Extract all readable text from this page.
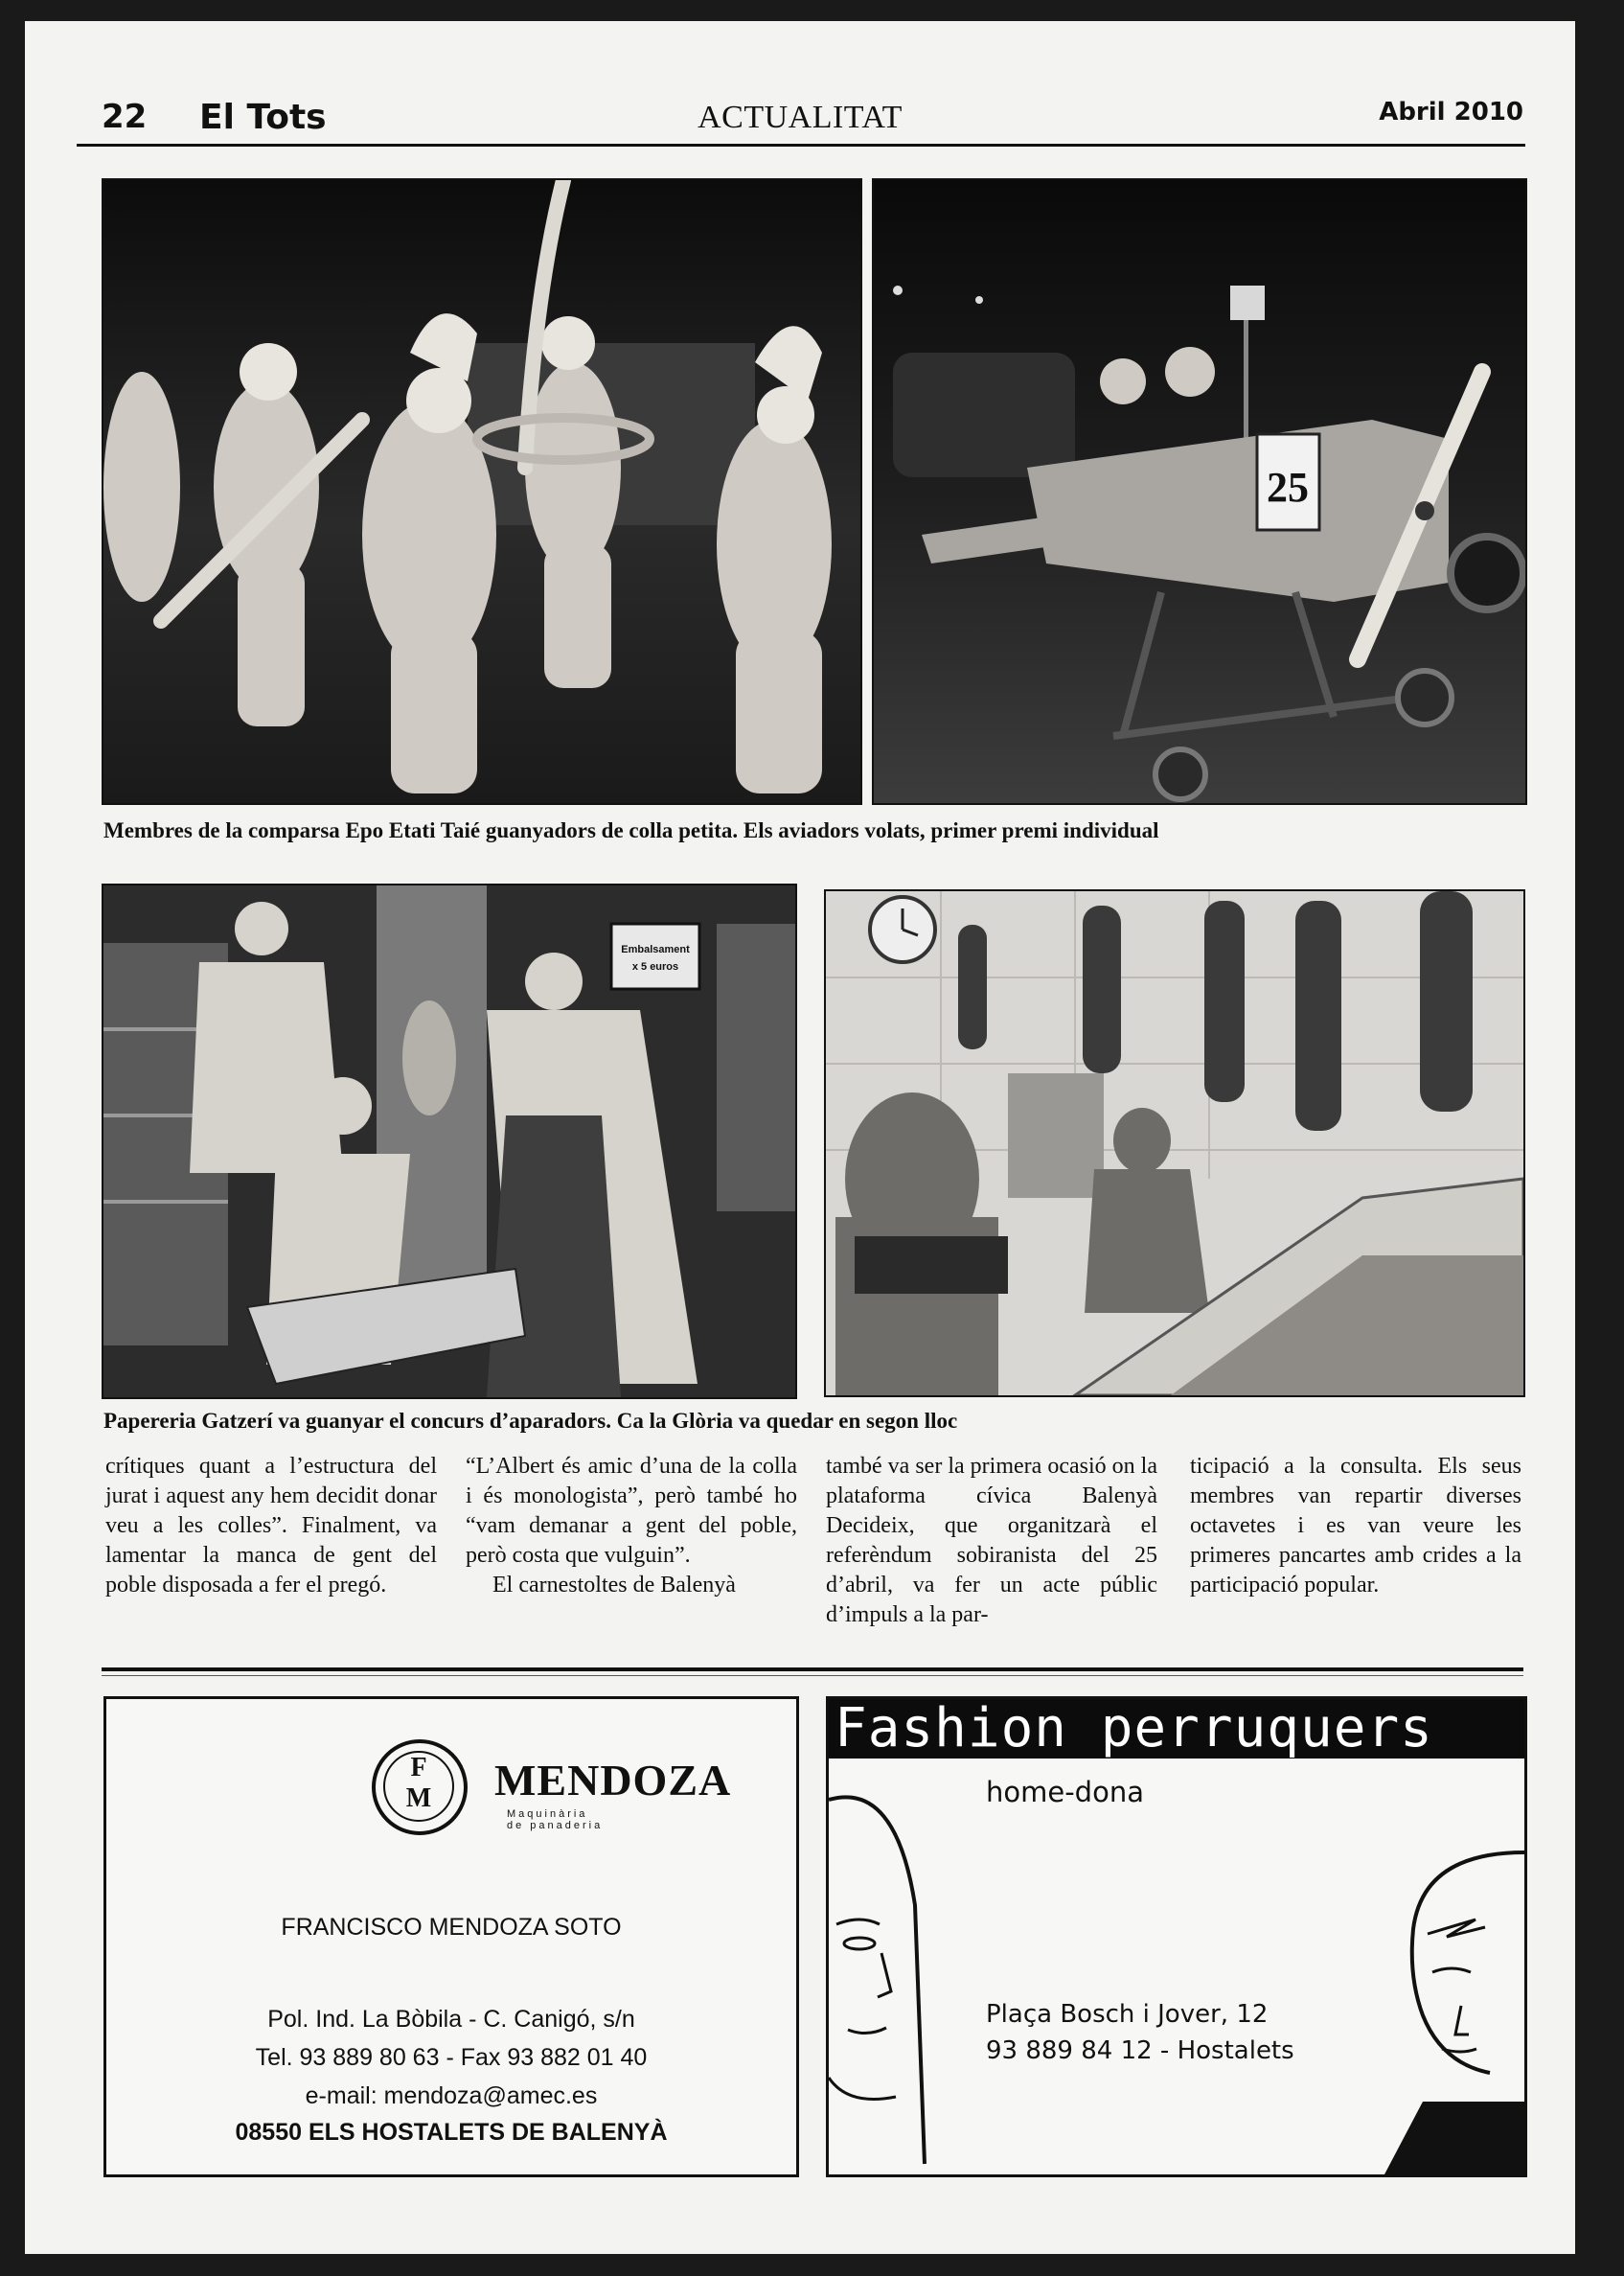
22 El Tots	ACTUALITAT	Abril 2010
25
Membres de la comparsa Epo Etati Taié guanyadors de colla petita. Els aviadors volats, primer premi individual
Embalsament
x 5 euros
Papereria Gatzerí va guanyar el concurs d’aparadors. Ca la Glòria va quedar en segon lloc

crítiques quant a l’estructura del jurat i aquest any hem decidit donar veu a les colles”. Finalment, va lamentar la manca de gent del poble disposada a fer el pregó.

“L’Albert és amic d’una de la colla i és monologista”, però també ho “vam demanar a gent del poble, però costa que vulguin”.

El carnestoltes de Balenyà

també va ser la primera ocasió on la plataforma cívica Balenyà Decideix, que organitzarà el referèndum sobiranista del 25 d’abril, va fer un acte públic d’impuls a la par-

ticipació a la consulta. Els seus membres van repartir diverses octavetes i es van veure les primeres pancartes amb crides a la participació popular.

F
M	MENDOZA
Maquinària
de panaderia
FRANCISCO MENDOZA SOTO
Pol. Ind. La Bòbila - C. Canigó, s/n
Tel. 93 889 80 63 - Fax 93 882 01 40
e-mail: mendoza@amec.es
08550 ELS HOSTALETS DE BALENYÀ
Fashion perruquers
home-dona
Plaça Bosch i Jover, 12
93 889 84 12 - Hostalets
